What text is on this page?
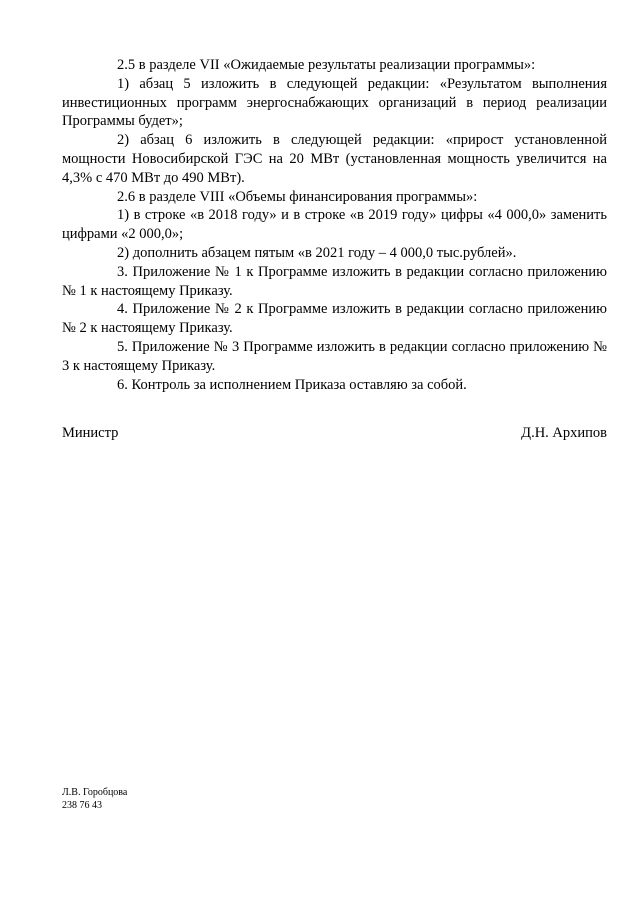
2.5 в разделе VII «Ожидаемые результаты реализации программы»:

1) абзац 5 изложить в следующей редакции: «Результатом выполнения инвестиционных программ энергоснабжающих организаций в период реализации Программы будет»;

2) абзац 6 изложить в следующей редакции: «прирост установленной мощности Новосибирской ГЭС на 20 МВт (установленная мощность увеличится на 4,3% с 470 МВт до 490 МВт).

2.6 в разделе VIII «Объемы финансирования программы»:

1) в строке «в 2018 году» и в строке «в 2019 году» цифры «4 000,0» заменить цифрами «2 000,0»;

2) дополнить абзацем пятым «в 2021 году – 4 000,0 тыс.рублей».

3. Приложение № 1 к Программе изложить в редакции согласно приложению № 1 к настоящему Приказу.

4. Приложение № 2 к Программе изложить в редакции согласно приложению № 2 к настоящему Приказу.

5. Приложение № 3 Программе изложить в редакции согласно приложению № 3 к настоящему Приказу.

6. Контроль за исполнением Приказа оставляю за собой.

Министр	Д.Н. Архипов
Л.В. Горобцова
238 76 43
